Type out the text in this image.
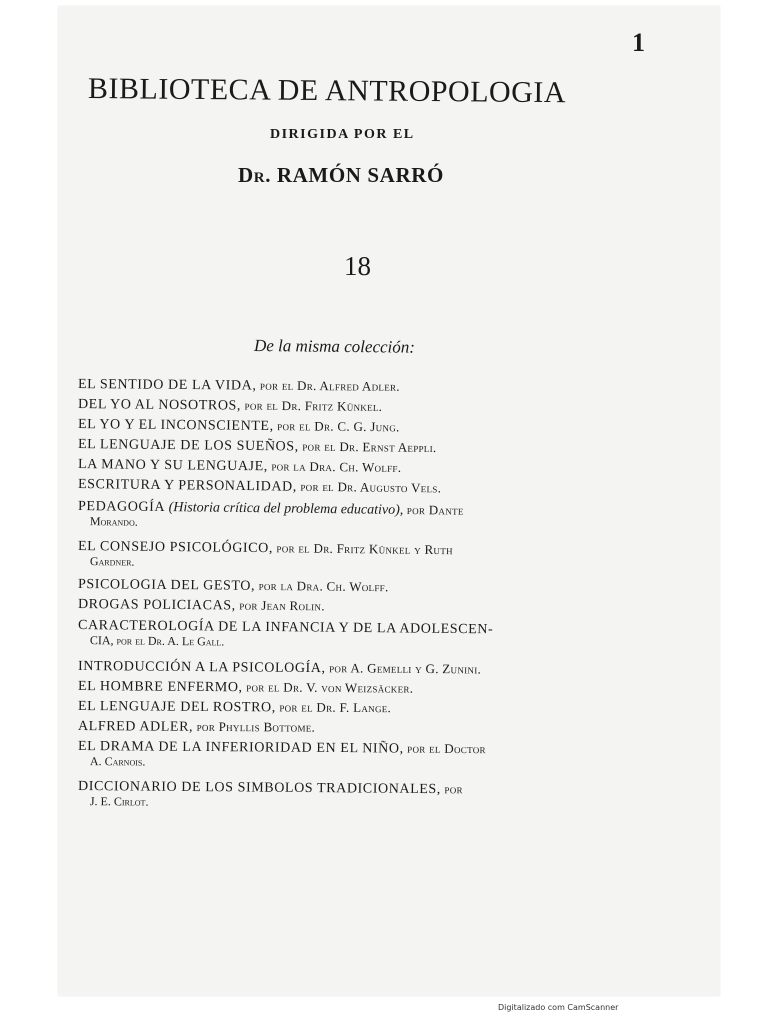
1
BIBLIOTECA DE ANTROPOLOGIA
DIRIGIDA POR EL
Dr. RAMÓN SARRÓ
18
De la misma colección:
EL SENTIDO DE LA VIDA, por el Dr. Alfred Adler.
DEL YO AL NOSOTROS, por el Dr. Fritz Künkel.
EL YO Y EL INCONSCIENTE, por el Dr. C. G. Jung.
EL LENGUAJE DE LOS SUEÑOS, por el Dr. Ernst Aeppli.
LA MANO Y SU LENGUAJE, por la Dra. Ch. Wolff.
ESCRITURA Y PERSONALIDAD, por el Dr. Augusto Vels.
PEDAGOGÍA (Historia crítica del problema educativo), por Dante
Morando.
EL CONSEJO PSICOLÓGICO, por el Dr. Fritz Künkel y Ruth
Gardner.
PSICOLOGIA DEL GESTO, por la Dra. Ch. Wolff.
DROGAS POLICIACAS, por Jean Rolin.
CARACTEROLOGÍA DE LA INFANCIA Y DE LA ADOLESCEN-
CIA, por el Dr. A. Le Gall.
INTRODUCCIÓN A LA PSICOLOGÍA, por A. Gemelli y G. Zunini.
EL HOMBRE ENFERMO, por el Dr. V. von Weizsäcker.
EL LENGUAJE DEL ROSTRO, por el Dr. F. Lange.
ALFRED ADLER, por Phyllis Bottome.
EL DRAMA DE LA INFERIORIDAD EN EL NIÑO, por el Doctor
A. Carnois.
DICCIONARIO DE LOS SIMBOLOS TRADICIONALES, por
J. E. Cirlot.
Digitalizado com CamScanner
